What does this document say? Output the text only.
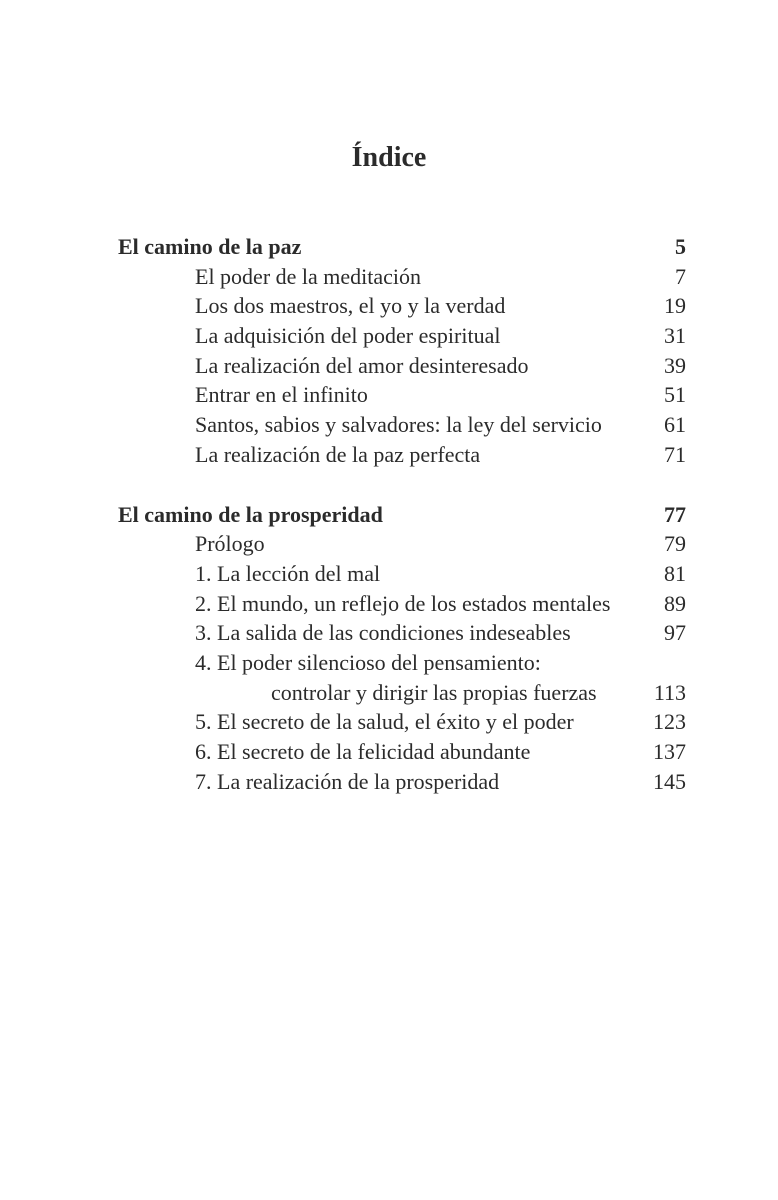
Índice
El camino de la paz	5
El poder de la meditación	7
Los dos maestros, el yo y la verdad	19
La adquisición del poder espiritual	31
La realización del amor desinteresado	39
Entrar en el infinito	51
Santos, sabios y salvadores: la ley del servicio	61
La realización de la paz perfecta	71
El camino de la prosperidad	77
Prólogo	79
1. La lección del mal	81
2. El mundo, un reflejo de los estados mentales 89
3. La salida de las condiciones indeseables	97
4. El poder silencioso del pensamiento:
controlar y dirigir las propias fuerzas	113
5. El secreto de la salud, el éxito y el poder	123
6. El secreto de la felicidad abundante	137
7. La realización de la prosperidad	145
